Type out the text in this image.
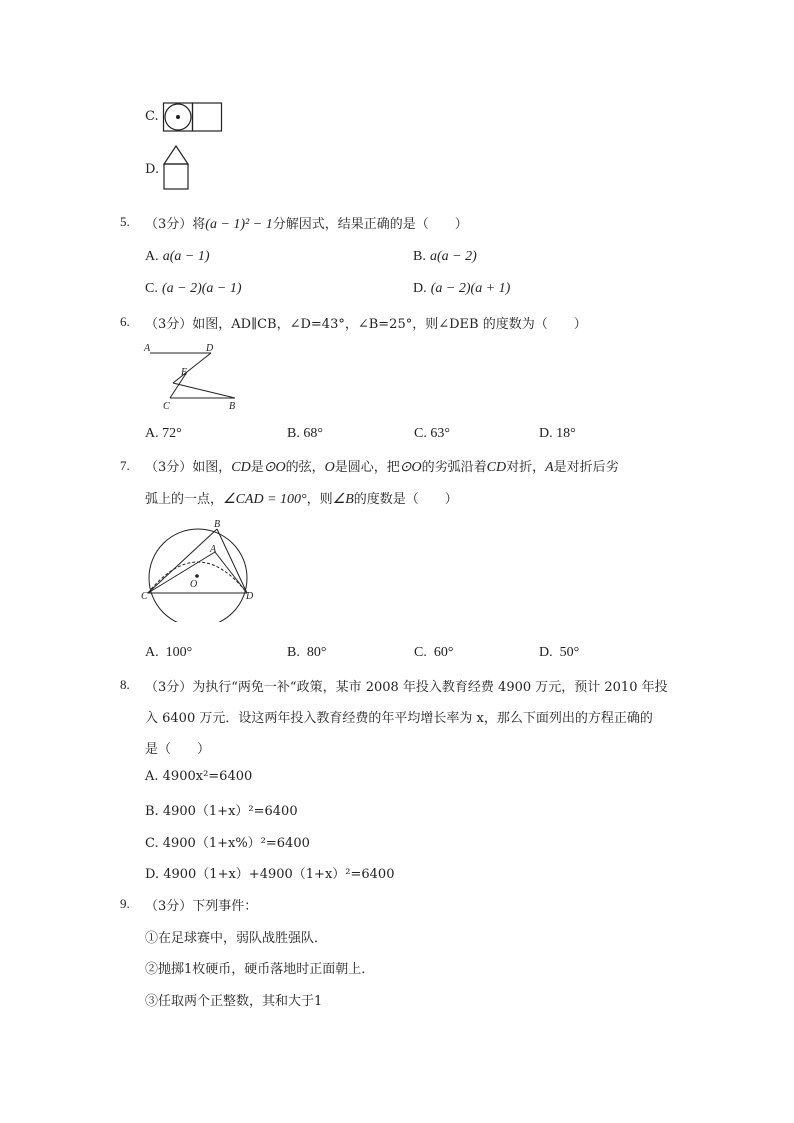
C.
D.
5. （3分）将(a − 1)² − 1分解因式，结果正确的是（　　）
A. a(a − 1)	B. a(a − 2)
C. (a − 2)(a − 1)	D. (a − 2)(a + 1)
6. （3分）如图，AD∥CB，∠D=43°，∠B=25°，则∠DEB 的度数为（　　）
A	D
E
C	B
A. 72°	B. 68°	C. 63°	D. 18°
7. （3分）如图，CD是⊙O的弦，O是圆心，把⊙O的劣弧沿着CD对折，A是对折后劣
弧上的一点，∠CAD = 100°，则∠B的度数是（　　）
B
A
O
C	D
A. 100°	B. 80°	C. 60°	D. 50°
8. （3分）为执行“两免一补“政策，某市 2008 年投入教育经费 4900 万元，预计 2010 年投
入 6400 万元．设这两年投入教育经费的年平均增长率为 x，那么下面列出的方程正确的
是（　　）
A. 4900x²=6400
B. 4900（1+x）²=6400
C. 4900（1+x%）²=6400
D. 4900（1+x）+4900（1+x）²=6400
9. （3分）下列事件：
①在足球赛中，弱队战胜强队．
②抛掷1枚硬币，硬币落地时正面朝上．
③任取两个正整数，其和大于1
